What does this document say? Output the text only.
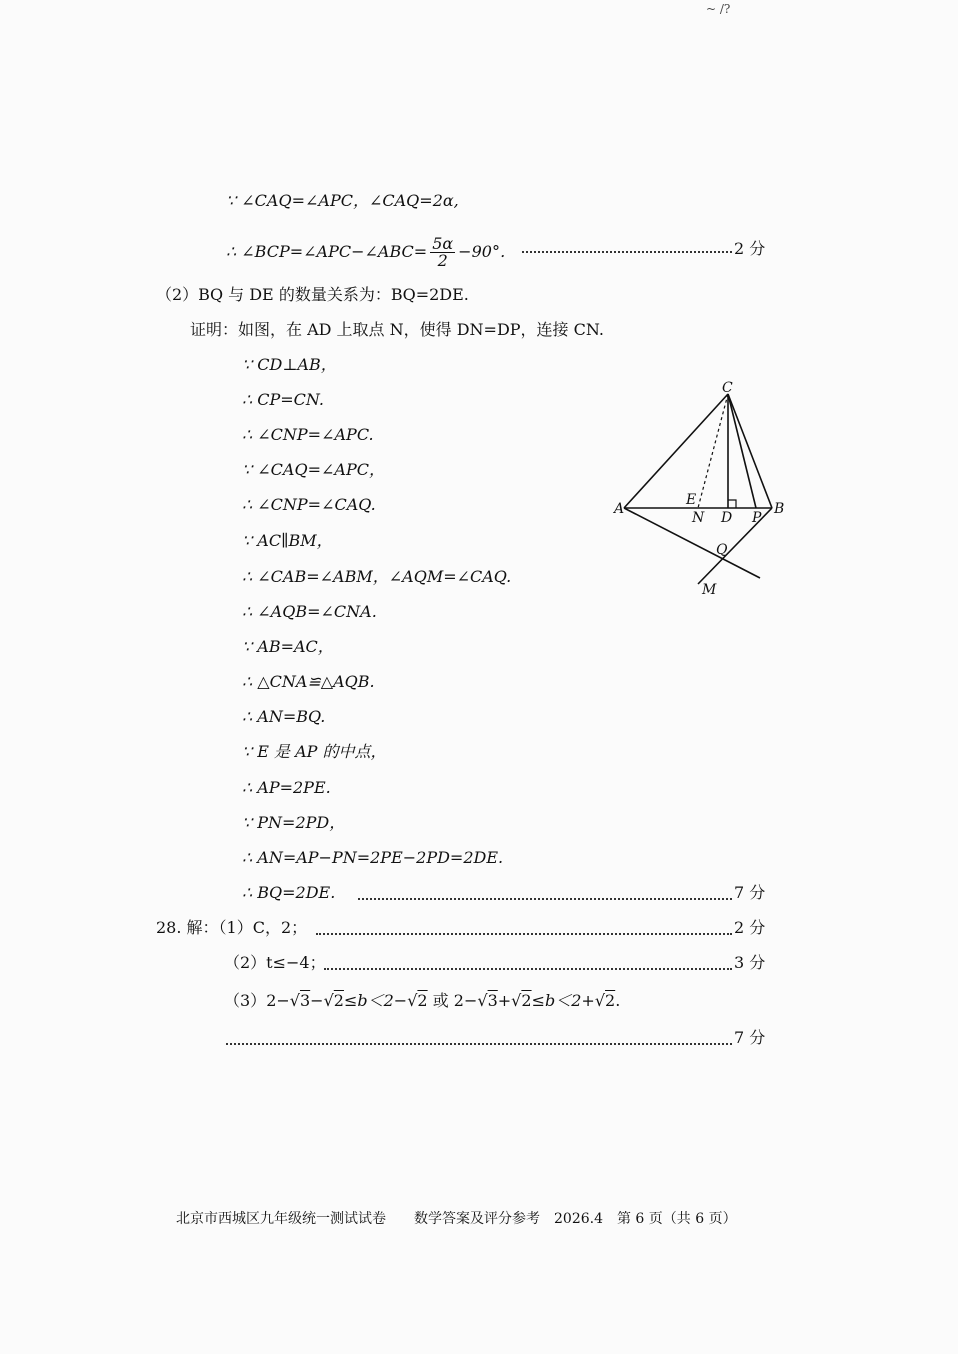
~ /?
∵ ∠CAQ=∠APC，∠CAQ=2α,
∴ ∠BCP=∠APC−∠ABC= $\frac{5\alpha}{2} -90^\circ$．	2 分
（2）BQ 与 DE 的数量关系为：BQ=2DE.
证明：如图，在 AD 上取点 N，使得 DN=DP，连接 CN.
∵ CD⊥AB，
∴ CP=CN.
∴ ∠CNP=∠APC.
∵ ∠CAQ=∠APC，
∴ ∠CNP=∠CAQ.
∵ AC∥BM，
∴ ∠CAB=∠ABM，∠AQM=∠CAQ.
∴ ∠AQB=∠CNA.
∵ AB=AC，
∴ △CNA≌△AQB.
∴ AN=BQ.
∵ E 是 AP 的中点，
∴ AP=2PE.
∵ PN=2PD，
∴ AN=AP−PN=2PE−2PD=2DE.
∴ BQ=2DE.	7 分
28. 解：（1）C，2；	2 分
（2）t≤−4；	3 分
（3）2−√3−√2≤b＜2−√2 或 2−√3+√2≤b＜2+√2.
7 分
C
A	B
E
N D P
Q
M
北京市西城区九年级统一测试试卷　　数学答案及评分参考　2026.4　第 6 页（共 6 页）
